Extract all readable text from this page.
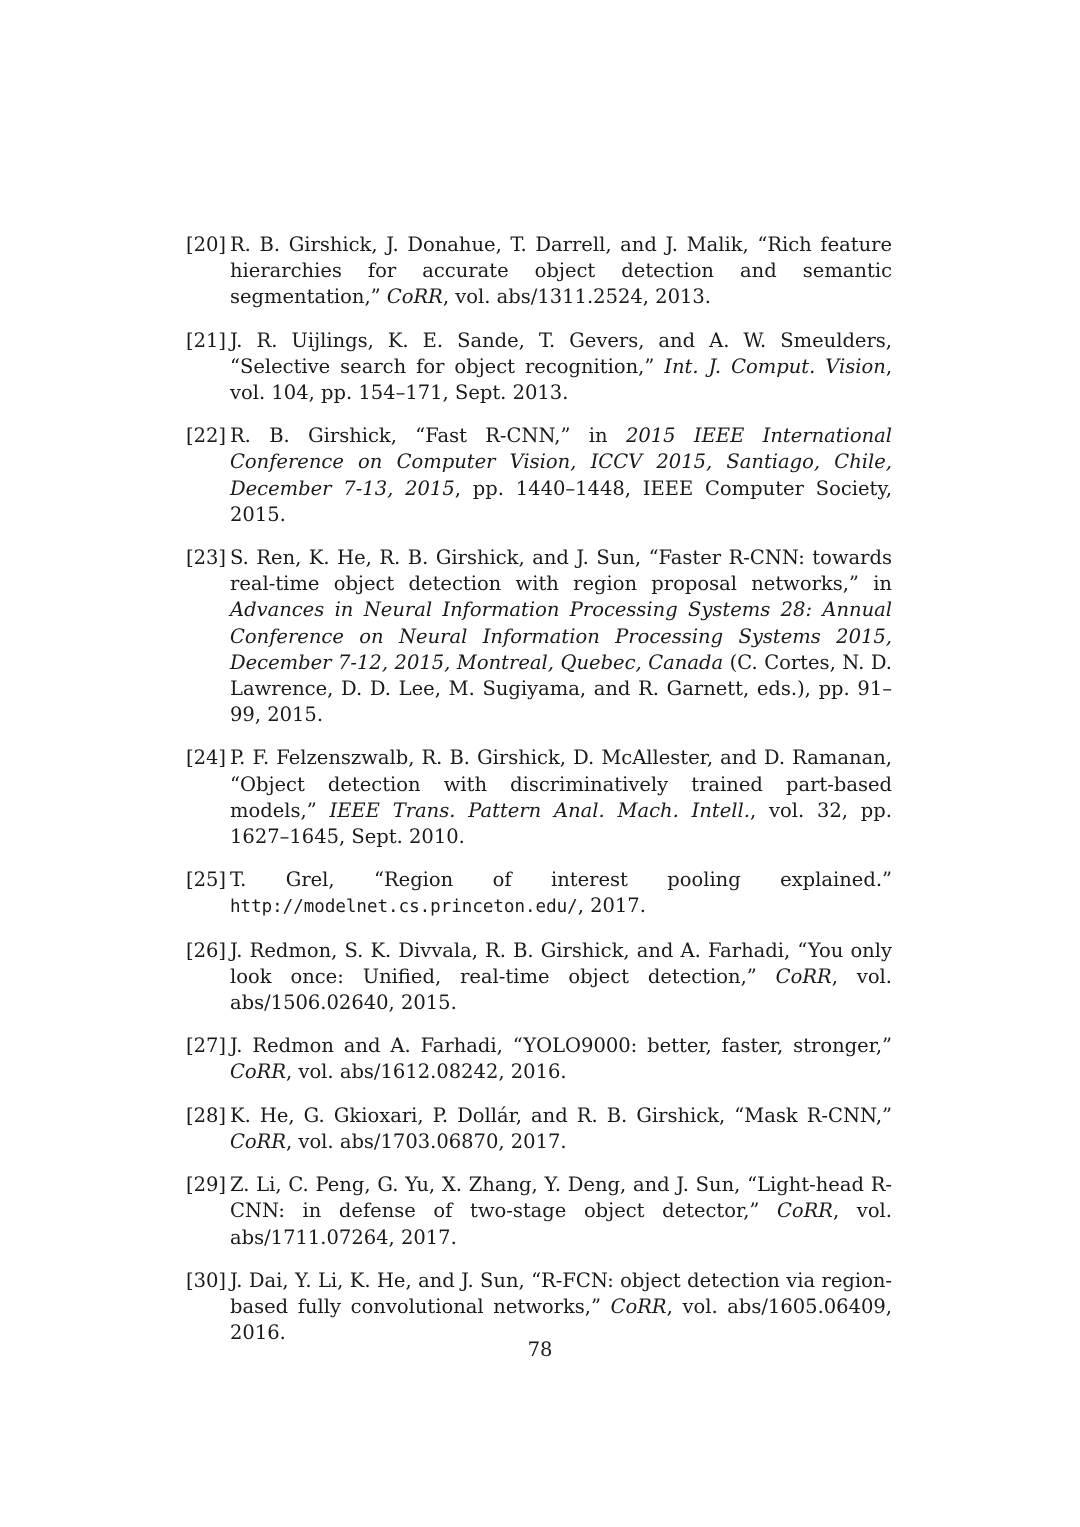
[20] R. B. Girshick, J. Donahue, T. Darrell, and J. Malik, “Rich feature hierarchies for accurate object detection and semantic segmentation,” CoRR, vol. abs/1311.2524, 2013.
[21] J. R. Uijlings, K. E. Sande, T. Gevers, and A. W. Smeulders, “Selective search for object recognition,” Int. J. Comput. Vision, vol. 104, pp. 154–171, Sept. 2013.
[22] R. B. Girshick, “Fast R-CNN,” in 2015 IEEE International Conference on Computer Vision, ICCV 2015, Santiago, Chile, December 7-13, 2015, pp. 1440–1448, IEEE Computer Society, 2015.
[23] S. Ren, K. He, R. B. Girshick, and J. Sun, “Faster R-CNN: towards real-time object detection with region proposal networks,” in Advances in Neural Information Processing Systems 28: Annual Conference on Neural Information Processing Systems 2015, December 7-12, 2015, Montreal, Quebec, Canada (C. Cortes, N. D. Lawrence, D. D. Lee, M. Sugiyama, and R. Garnett, eds.), pp. 91–99, 2015.
[24] P. F. Felzenszwalb, R. B. Girshick, D. McAllester, and D. Ramanan, “Object detection with discriminatively trained part-based models,” IEEE Trans. Pattern Anal. Mach. Intell., vol. 32, pp. 1627–1645, Sept. 2010.
[25] T. Grel, “Region of interest pooling explained.” http://modelnet.cs.princeton.edu/, 2017.
[26] J. Redmon, S. K. Divvala, R. B. Girshick, and A. Farhadi, “You only look once: Unified, real-time object detection,” CoRR, vol. abs/1506.02640, 2015.
[27] J. Redmon and A. Farhadi, “YOLO9000: better, faster, stronger,” CoRR, vol. abs/1612.08242, 2016.
[28] K. He, G. Gkioxari, P. Dollár, and R. B. Girshick, “Mask R-CNN,” CoRR, vol. abs/1703.06870, 2017.
[29] Z. Li, C. Peng, G. Yu, X. Zhang, Y. Deng, and J. Sun, “Light-head R-CNN: in defense of two-stage object detector,” CoRR, vol. abs/1711.07264, 2017.
[30] J. Dai, Y. Li, K. He, and J. Sun, “R-FCN: object detection via region-based fully convolutional networks,” CoRR, vol. abs/1605.06409, 2016.
78
